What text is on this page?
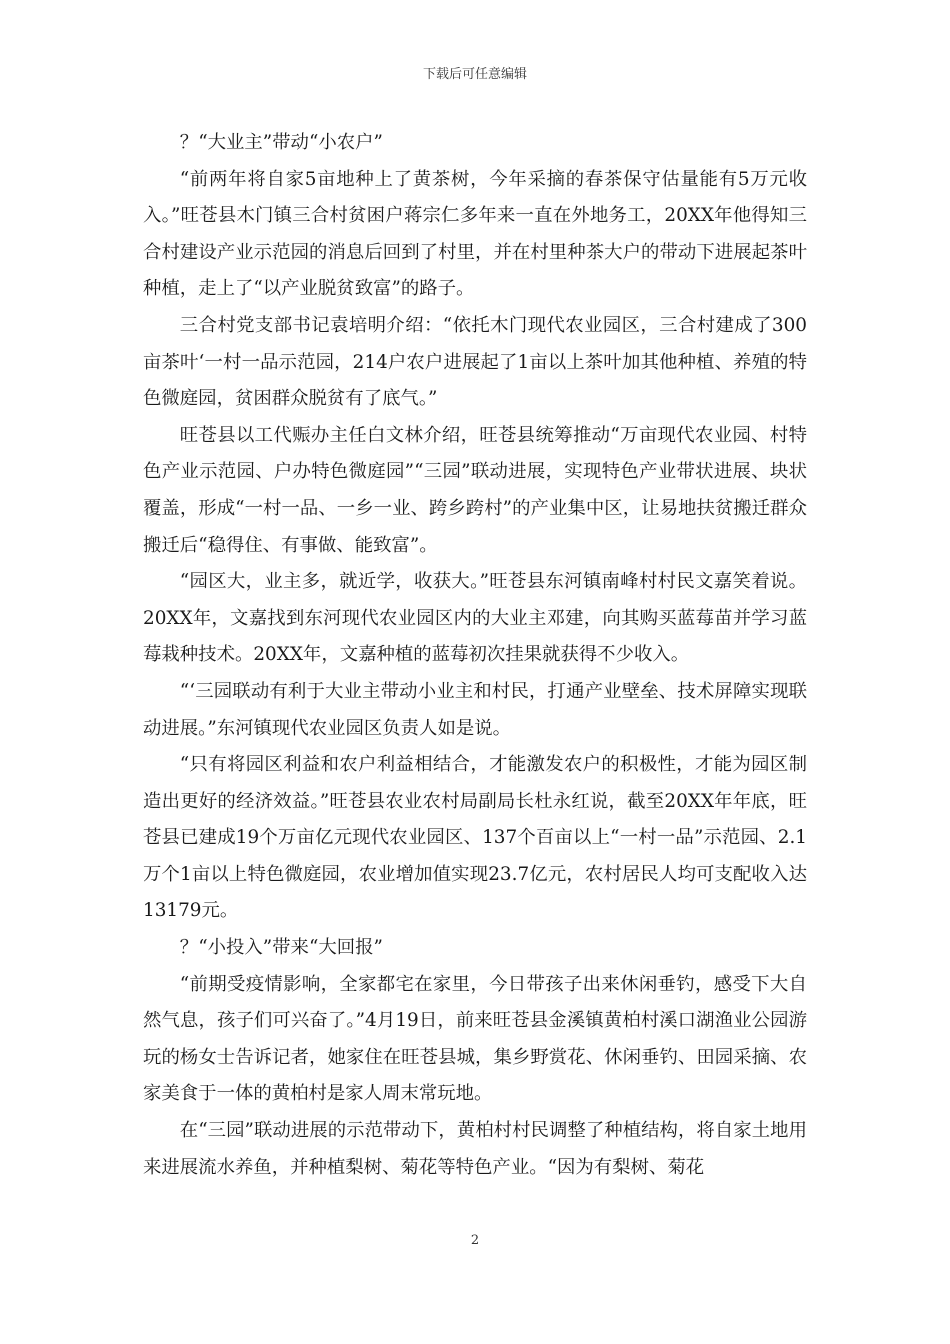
下载后可任意编辑

？“大业主”带动“小农户”

“前两年将自家5亩地种上了黄茶树，今年采摘的春茶保守估量能有5万元收入。”旺苍县木门镇三合村贫困户蒋宗仁多年来一直在外地务工，20XX年他得知三合村建设产业示范园的消息后回到了村里，并在村里种茶大户的带动下进展起茶叶种植，走上了“以产业脱贫致富”的路子。

三合村党支部书记袁培明介绍：“依托木门现代农业园区，三合村建成了300亩茶叶‘一村一品示范园，214户农户进展起了1亩以上茶叶加其他种植、养殖的特色微庭园，贫困群众脱贫有了底气。”

旺苍县以工代赈办主任白文林介绍，旺苍县统筹推动“万亩现代农业园、村特色产业示范园、户办特色微庭园”“三园”联动进展，实现特色产业带状进展、块状覆盖，形成“一村一品、一乡一业、跨乡跨村”的产业集中区，让易地扶贫搬迁群众搬迁后“稳得住、有事做、能致富”。

“园区大，业主多，就近学，收获大。”旺苍县东河镇南峰村村民文嘉笑着说。20XX年，文嘉找到东河现代农业园区内的大业主邓建，向其购买蓝莓苗并学习蓝莓栽种技术。20XX年，文嘉种植的蓝莓初次挂果就获得不少收入。

“‘三园联动有利于大业主带动小业主和村民，打通产业壁垒、技术屏障实现联动进展。”东河镇现代农业园区负责人如是说。

“只有将园区利益和农户利益相结合，才能激发农户的积极性，才能为园区制造出更好的经济效益。”旺苍县农业农村局副局长杜永红说，截至20XX年年底，旺苍县已建成19个万亩亿元现代农业园区、137个百亩以上“一村一品”示范园、2.1万个1亩以上特色微庭园，农业增加值实现23.7亿元，农村居民人均可支配收入达13179元。

？“小投入”带来“大回报”

“前期受疫情影响，全家都宅在家里，今日带孩子出来休闲垂钓，感受下大自然气息，孩子们可兴奋了。”4月19日，前来旺苍县金溪镇黄柏村溪口湖渔业公园游玩的杨女士告诉记者，她家住在旺苍县城，集乡野赏花、休闲垂钓、田园采摘、农家美食于一体的黄柏村是家人周末常玩地。

在“三园”联动进展的示范带动下，黄柏村村民调整了种植结构，将自家土地用来进展流水养鱼，并种植梨树、菊花等特色产业。“因为有梨树、菊花

2
